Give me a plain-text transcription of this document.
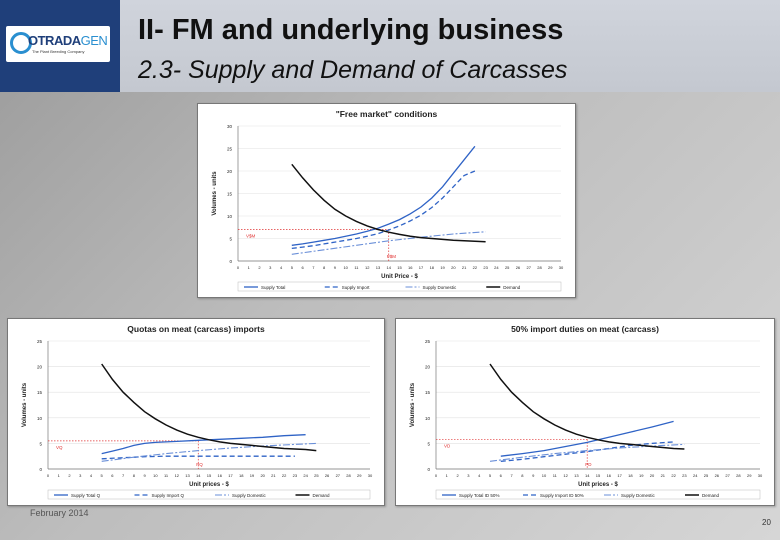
OTRADAGEN
The Plant Breeding Company
II- FM and underlying business
2.3- Supply and Demand of Carcasses
"Free market" conditions
0
5
10
15
20
25
30
0 1 2 3 4 5 6 7 8 9 10 11 12 13 14 15 16 17 18 19 20 21 22 23 24 25 26 27 28 29 30
Unit Price - $
Volumes - units
V$M
P$M
Supply Total	Supply Import	Supply Domestic	Demand
Quotas on meat (carcass) imports
0
5
10
15
20
25
0 1 2 3 4 5 6 7 8 9 10 11 12 13 14 15 16 17 18 19 20 21 22 23 24 25 26 27 28 29 30
Unit prices - $
Volumes - units
VQ
PQ
Supply Total Q	Supply Import Q	Supply Domestic	Demand
50% import duties on meat (carcass)
0
5
10
15
20
25
0 1 2 3 4 5 6 7 8 9 10 11 12 13 14 15 16 17 18 19 20 21 22 23 24 25 26 27 28 29 30
Unit prices - $
Volumes - units
VD
PD
Supply Total ID 50%	Supply Import ID 50%	Supply Domestic	Demand
February 2014
20
